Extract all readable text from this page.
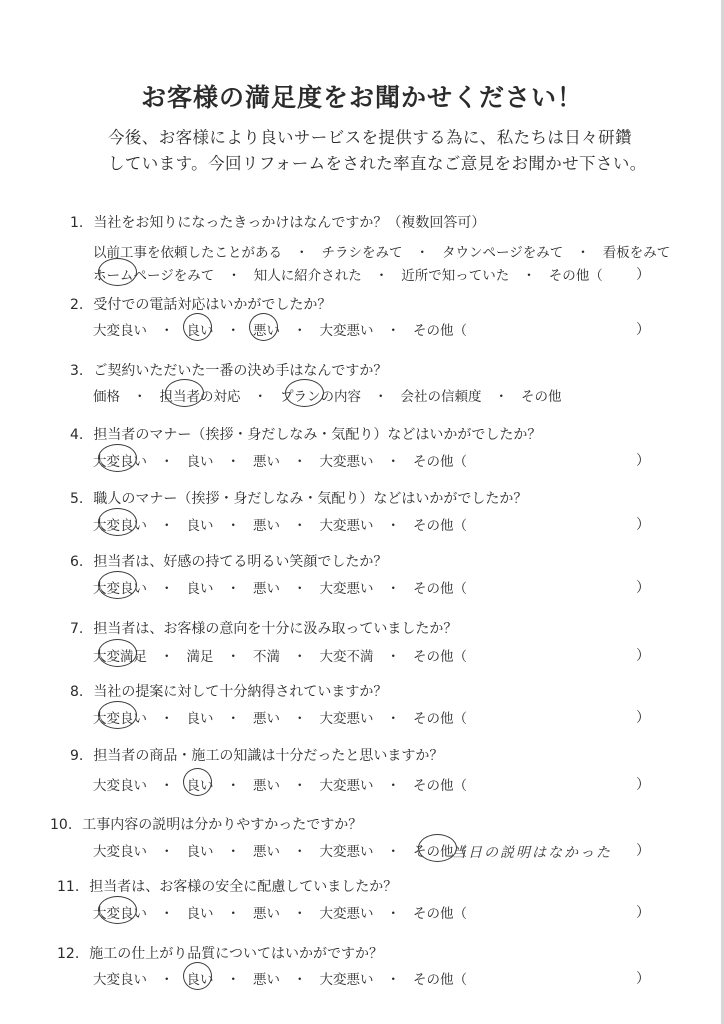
お客様の満足度をお聞かせください！
今後、お客様により良いサービスを提供する為に、私たちは日々研鑽
しています。今回リフォームをされた率直なご意見をお聞かせ下さい。
1. 当社をお知りになったきっかけはなんですか？（複数回答可）
以前工事を依頼したことがある ・ チラシをみて ・ タウンページをみて ・ 看板をみて
ホームページをみて ・ 知人に紹介された ・ 近所で知っていた ・ その他（ ）
2. 受付での電話対応はいかがでしたか？
大変良い ・ 良い ・ 悪い ・ 大変悪い ・ その他（	）
3. ご契約いただいた一番の決め手はなんですか？
価格 ・ 担当者の対応 ・ プランの内容 ・ 会社の信頼度 ・ その他
4. 担当者のマナー（挨拶・身だしなみ・気配り）などはいかがでしたか？
大変良い ・ 良い ・ 悪い ・ 大変悪い ・ その他（	）
5. 職人のマナー（挨拶・身だしなみ・気配り）などはいかがでしたか？
大変良い ・ 良い ・ 悪い ・ 大変悪い ・ その他（	）
6. 担当者は、好感の持てる明るい笑顔でしたか？
大変良い ・ 良い ・ 悪い ・ 大変悪い ・ その他（	）
7. 担当者は、お客様の意向を十分に汲み取っていましたか？
大変満足 ・ 満足 ・ 不満 ・ 大変不満 ・ その他（	）
8. 当社の提案に対して十分納得されていますか？
大変良い ・ 良い ・ 悪い ・ 大変悪い ・ その他（	）
9. 担当者の商品・施工の知識は十分だったと思いますか？
大変良い ・ 良い ・ 悪い ・ 大変悪い ・ その他（	）
10. 工事内容の説明は分かりやすかったですか？
大変良い ・ 良い ・ 悪い ・ 大変悪い ・ その他（	）
11. 担当者は、お客様の安全に配慮していましたか？
大変良い ・ 良い ・ 悪い ・ 大変悪い ・ その他（	）
12. 施工の仕上がり品質についてはいかがですか？
大変良い ・ 良い ・ 悪い ・ 大変悪い ・ その他（	）
当日の説明はなかった
